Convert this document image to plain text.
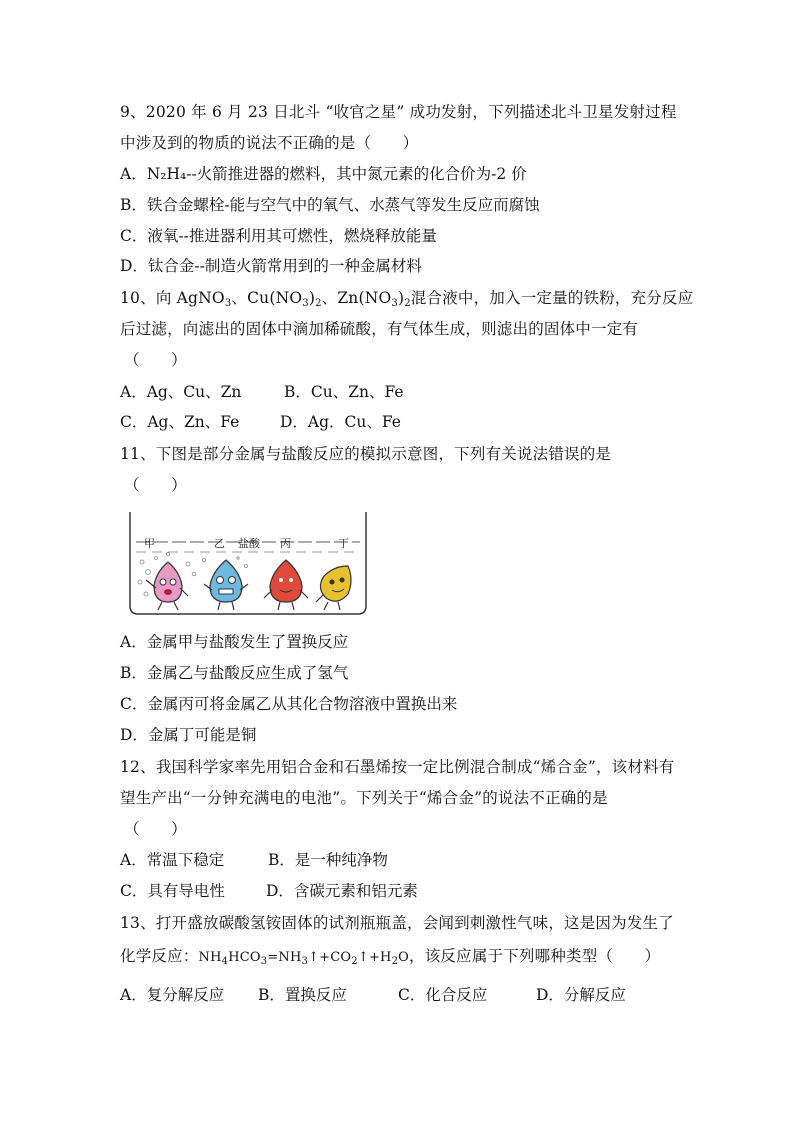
9、2020 年 6 月 23 日北斗 “收官之星” 成功发射，下列描述北斗卫星发射过程
中涉及到的物质的说法不正确的是（　　）
A．N₂H₄--火箭推进器的燃料，其中氮元素的化合价为-2 价
B．铁合金螺栓-能与空气中的氧气、水蒸气等发生反应而腐蚀
C．液氧--推进器利用其可燃性，燃烧释放能量
D．钛合金--制造火箭常用到的一种金属材料
10、向 AgNO$_3$、$Cu(NO_3)_2$、$Zn(NO_3)_2$混合液中，加入一定量的铁粉，充分反应
后过滤，向滤出的固体中滴加稀硫酸，有气体生成，则滤出的固体中一定有
（　　）
A．Ag、Cu、Zn	B．Cu、Zn、Fe
C．Ag、Zn、Fe	D．Ag．Cu、Fe
11、下图是部分金属与盐酸反应的模拟示意图，下列有关说法错误的是
（　　）
甲	乙 盐酸 丙	丁
A．金属甲与盐酸发生了置换反应
B．金属乙与盐酸反应生成了氢气
C．金属丙可将金属乙从其化合物溶液中置换出来
D．金属丁可能是铜
12、我国科学家率先用铝合金和石墨烯按一定比例混合制成“烯合金”，该材料有
望生产出“一分钟充满电的电池”。下列关于“烯合金”的说法不正确的是
（　　）
A．常温下稳定	B．是一种纯净物
C．具有导电性	D．含碳元素和铝元素
13、打开盛放碳酸氢铵固体的试剂瓶瓶盖，会闻到刺激性气味，这是因为发生了
化学反应：$NH_4HCO_3=NH_3↑+CO_2↑+H_2O$，该反应属于下列哪种类型（　　）
A．复分解反应 B．置换反应	C．化合反应	D．分解反应
